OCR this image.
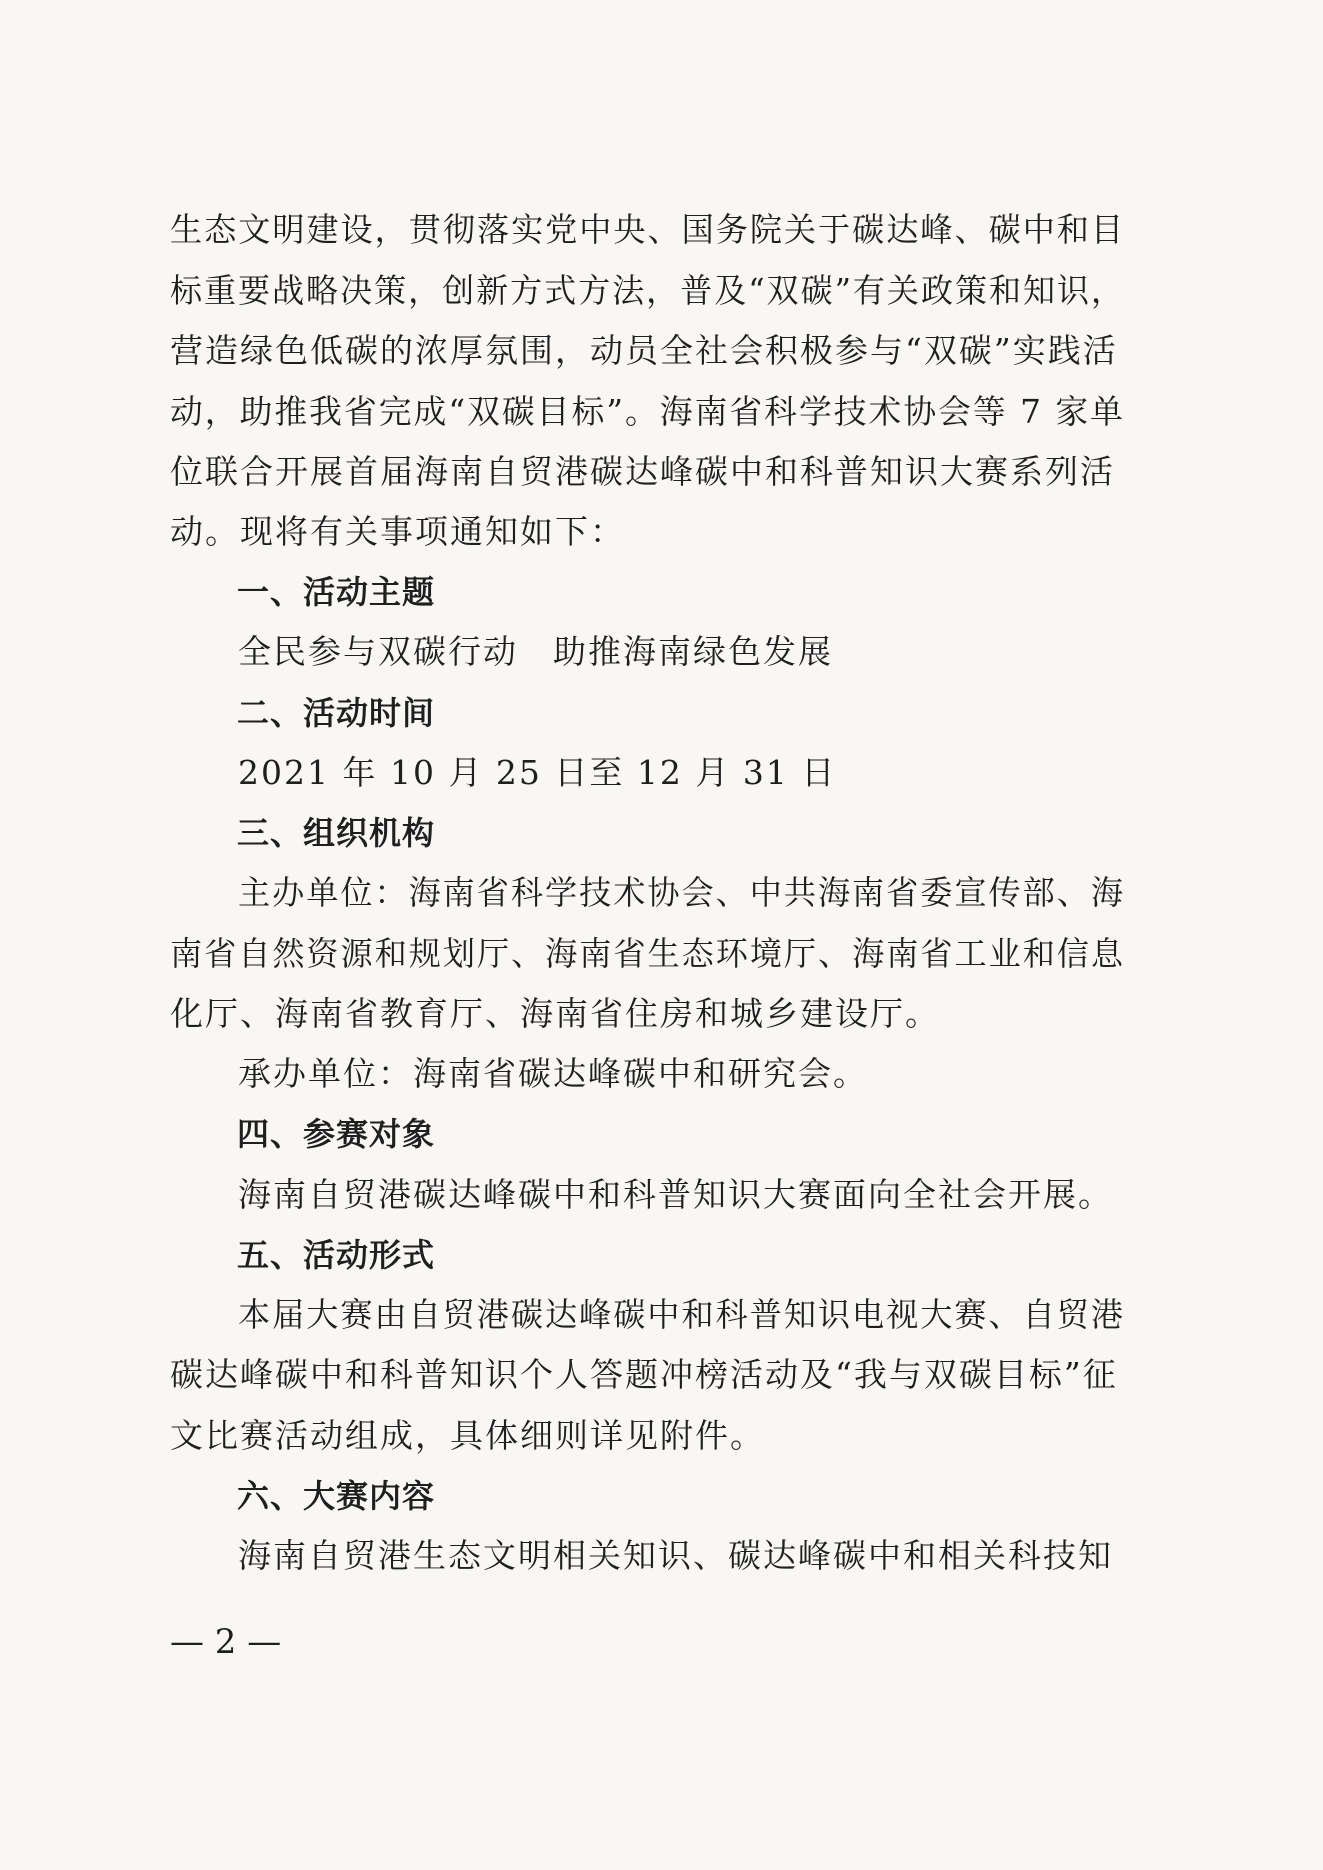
生态文明建设，贯彻落实党中央、国务院关于碳达峰、碳中和目
标重要战略决策，创新方式方法，普及“双碳”有关政策和知识，
营造绿色低碳的浓厚氛围，动员全社会积极参与“双碳”实践活
动，助推我省完成“双碳目标”。海南省科学技术协会等 7 家单
位联合开展首届海南自贸港碳达峰碳中和科普知识大赛系列活
动。现将有关事项通知如下：
一、活动主题
全民参与双碳行动　助推海南绿色发展
二、活动时间
2021 年 10 月 25 日至 12 月 31 日
三、组织机构
主办单位：海南省科学技术协会、中共海南省委宣传部、海
南省自然资源和规划厅、海南省生态环境厅、海南省工业和信息
化厅、海南省教育厅、海南省住房和城乡建设厅。
承办单位：海南省碳达峰碳中和研究会。
四、参赛对象
海南自贸港碳达峰碳中和科普知识大赛面向全社会开展。
五、活动形式
本届大赛由自贸港碳达峰碳中和科普知识电视大赛、自贸港
碳达峰碳中和科普知识个人答题冲榜活动及“我与双碳目标”征
文比赛活动组成，具体细则详见附件。
六、大赛内容
海南自贸港生态文明相关知识、碳达峰碳中和相关科技知
— 2 —
